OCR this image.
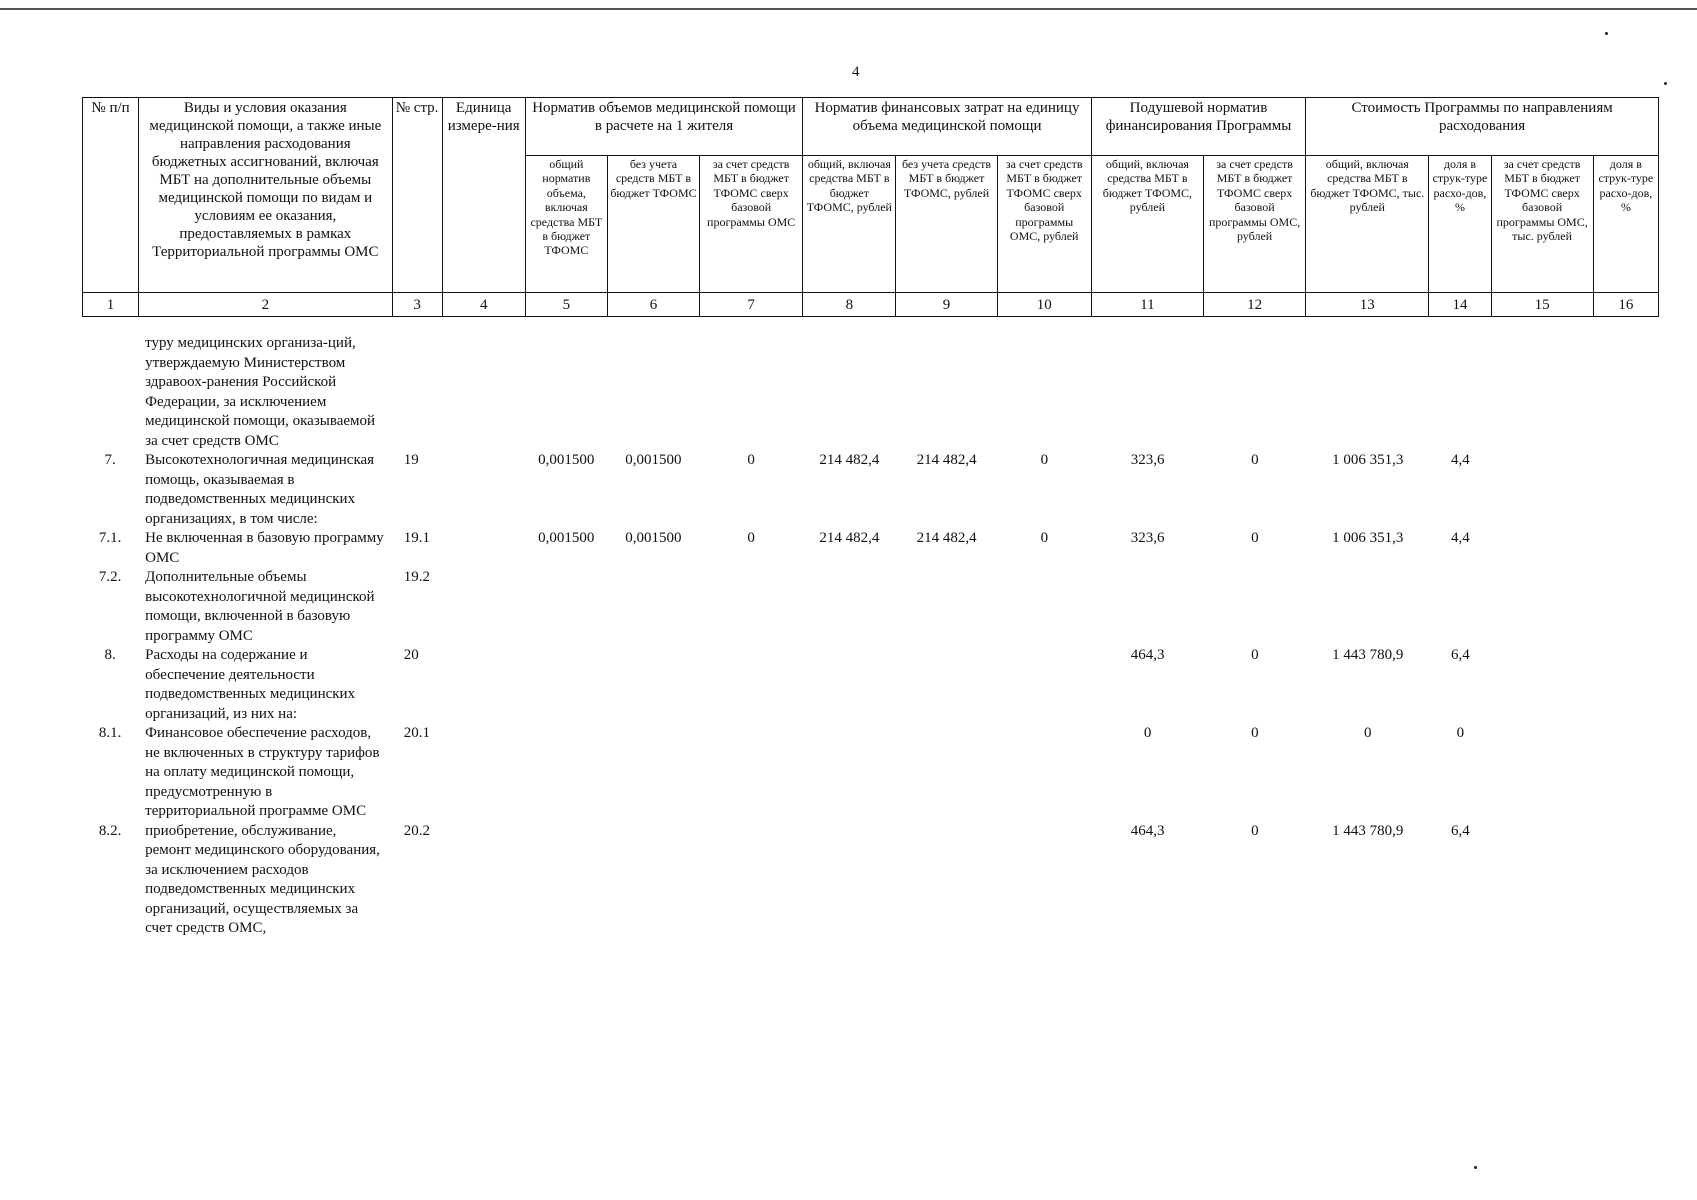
4
№ п/п	Виды и условия оказания медицинской помощи, а также иные направления расходования бюджетных ассигнований, включая МБТ на дополнительные объемы медицинской помощи по видам и условиям ее оказания, предоставляемых в рамках Территориальной программы ОМС	№ стр.	Единица измере-ния	Норматив объемов медицинской помощи в расчете на 1 жителя			Норматив финансовых затрат на единицу объема медицинской помощи			Подушевой норматив финансирования Программы		Стоимость Программы по направлениям расходования			
				общий норматив объема, включая средства МБТ в бюджет ТФОМС	без учета средств МБТ в бюджет ТФОМС	за счет средств МБТ в бюджет ТФОМС сверх базовой программы ОМС	общий, включая средства МБТ в бюджет ТФОМС, рублей	без учета средств МБТ в бюджет ТФОМС, рублей	за счет средств МБТ в бюджет ТФОМС сверх базовой программы ОМС, рублей	общий, включая средства МБТ в бюджет ТФОМС, рублей	за счет средств МБТ в бюджет ТФОМС сверх базовой программы ОМС, рублей	общий, включая средства МБТ в бюджет ТФОМС, тыс. рублей	доля в струк-туре расхо-дов, %	за счет средств МБТ в бюджет ТФОМС сверх базовой программы ОМС, тыс. рублей	доля в струк-туре расхо-дов, %
1	2	3	4	5	6	7	8	9	10	11	12	13	14	15	16
	туру медицинских организа-ций, утверждаемую Министерством здравоох-ранения Российской Федерации, за исключением медицинской помощи, оказываемой за счет средств ОМС														
7.	Высокотехнологичная медицинская помощь, оказываемая в подведомственных медицинских организациях, в том числе:	19		0,001500	0,001500	0	214 482,4	214 482,4	0	323,6	0	1 006 351,3	4,4		
7.1.	Не включенная в базовую программу ОМС	19.1		0,001500	0,001500	0	214 482,4	214 482,4	0	323,6	0	1 006 351,3	4,4		
7.2.	Дополнительные объемы высокотехнологичной медицинской помощи, включенной в базовую программу ОМС	19.2													
8.	Расходы на содержание и обеспечение деятельности подведомственных медицинских организаций, из них на:	20								464,3	0	1 443 780,9	6,4		
8.1.	Финансовое обеспечение расходов, не включенных в структуру тарифов на оплату медицинской помощи, предусмотренную в территориальной программе ОМС	20.1								0	0	0	0		
8.2.	приобретение, обслуживание, ремонт медицинского оборудования, за исключением расходов подведомственных медицинских организаций, осуществляемых за счет средств ОМС,	20.2								464,3	0	1 443 780,9	6,4		
